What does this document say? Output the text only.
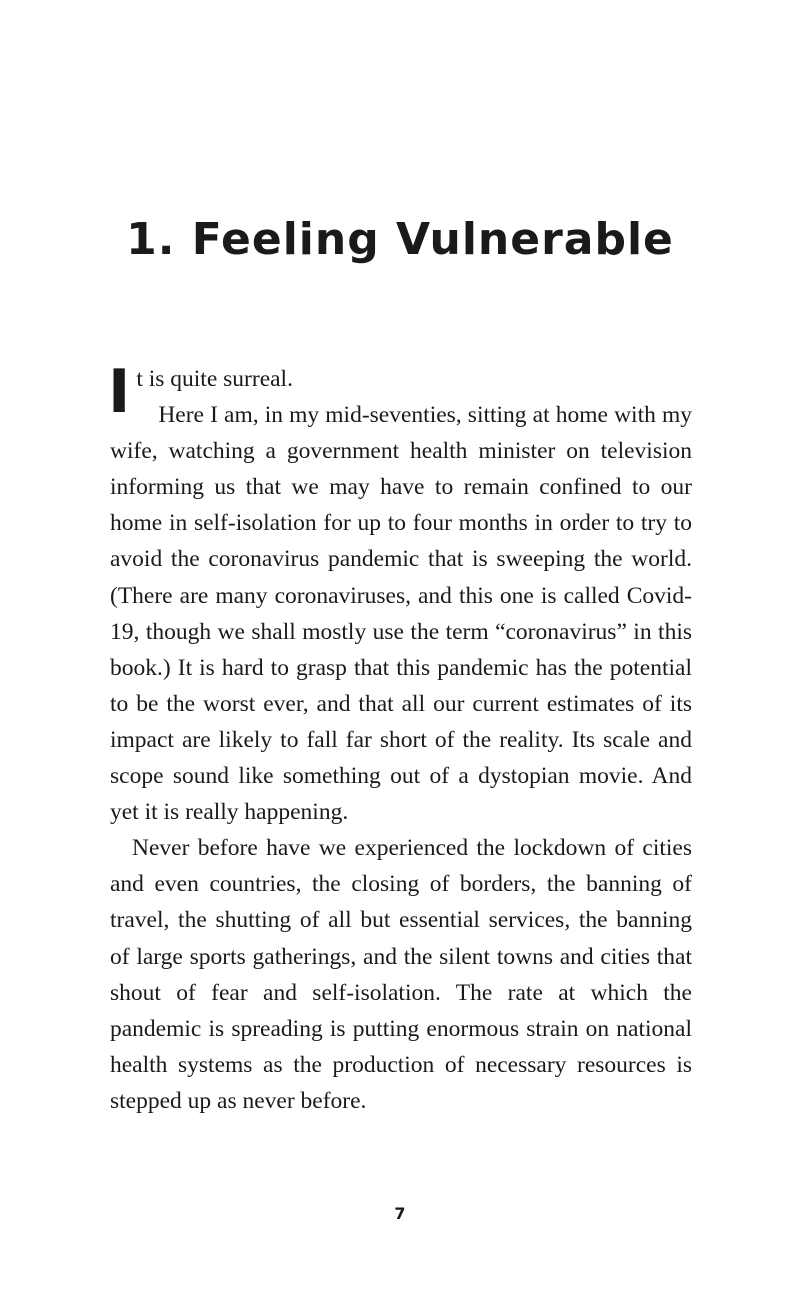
1. Feeling Vulnerable

It is quite surreal.

Here I am, in my mid-seventies, sitting at home with my wife, watching a government health minister on television informing us that we may have to remain confined to our home in self-isolation for up to four months in order to try to avoid the coronavirus pandemic that is sweeping the world. (There are many coronaviruses, and this one is called Covid-19, though we shall mostly use the term “coronavirus” in this book.) It is hard to grasp that this pandemic has the potential to be the worst ever, and that all our current estimates of its impact are likely to fall far short of the reality. Its scale and scope sound like something out of a dystopian movie. And yet it is really happening.

Never before have we experienced the lockdown of cities and even countries, the closing of borders, the banning of travel, the shutting of all but essential services, the banning of large sports gatherings, and the silent towns and cities that shout of fear and self-isolation. The rate at which the pandemic is spreading is putting enormous strain on national health systems as the production of necessary resources is stepped up as never before.

7
